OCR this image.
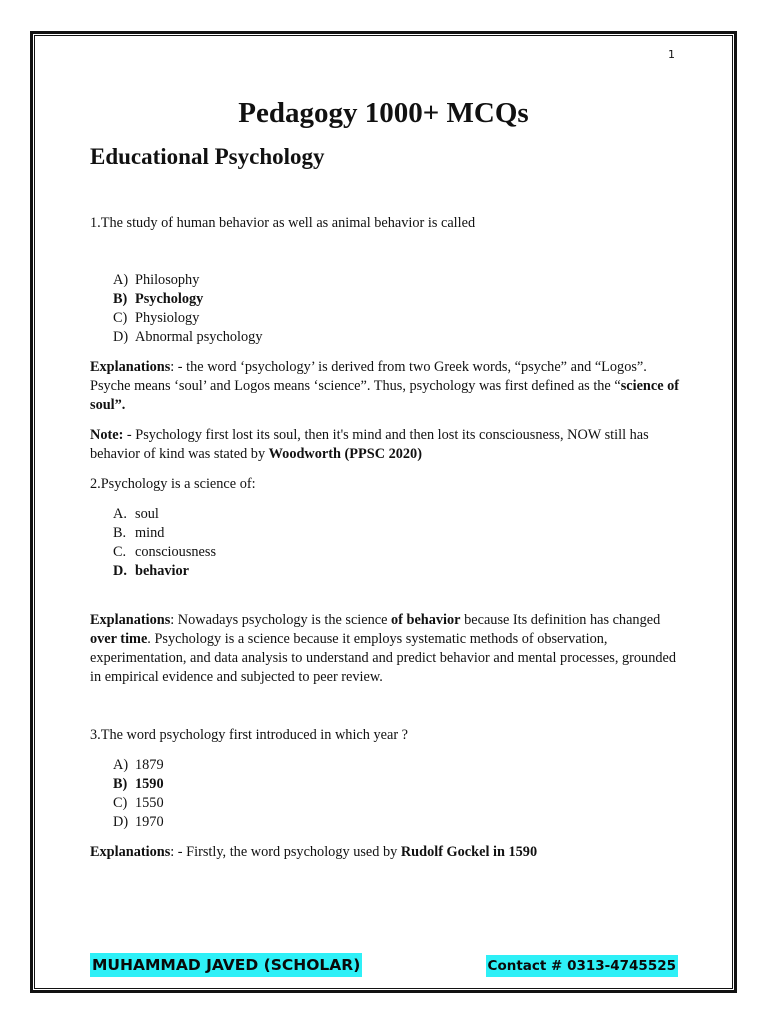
1
Pedagogy 1000+ MCQs
Educational Psychology

1.The study of human behavior as well as animal behavior is called

A) Philosophy
B) Psychology
C) Physiology
D) Abnormal psychology

Explanations: - the word ‘psychology’ is derived from two Greek words, “psyche” and “Logos”. Psyche means ‘soul’ and Logos means ‘science”. Thus, psychology was first defined as the “science of soul”.

Note: - Psychology first lost its soul, then it's mind and then lost its consciousness, NOW still has behavior of kind was stated by Woodworth (PPSC 2020)

2.Psychology is a science of:

A. soul
B. mind
C. consciousness
D. behavior

Explanations: Nowadays psychology is the science of behavior because Its definition has changed over time. Psychology is a science because it employs systematic methods of observation, experimentation, and data analysis to understand and predict behavior and mental processes, grounded in empirical evidence and subjected to peer review.

3.The word psychology first introduced in which year ?

A) 1879
B) 1590
C) 1550
D) 1970

Explanations: - Firstly, the word psychology used by Rudolf Gockel in 1590

MUHAMMAD JAVED (SCHOLAR)	Contact # 0313-4745525
